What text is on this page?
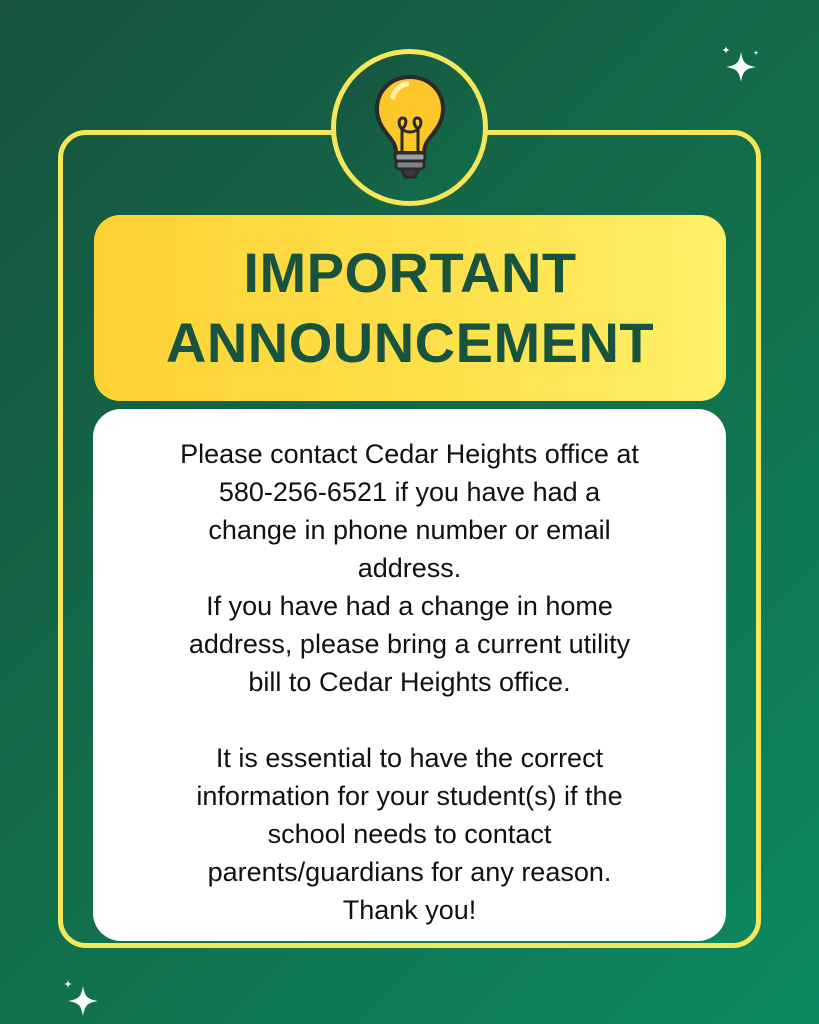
IMPORTANT
ANNOUNCEMENT
Please contact Cedar Heights office at
580-256-6521 if you have had a
change in phone number or email
address.
If you have had a change in home
address, please bring a current utility
bill to Cedar Heights office.
It is essential to have the correct
information for your student(s) if the
school needs to contact
parents/guardians for any reason.
Thank you!
